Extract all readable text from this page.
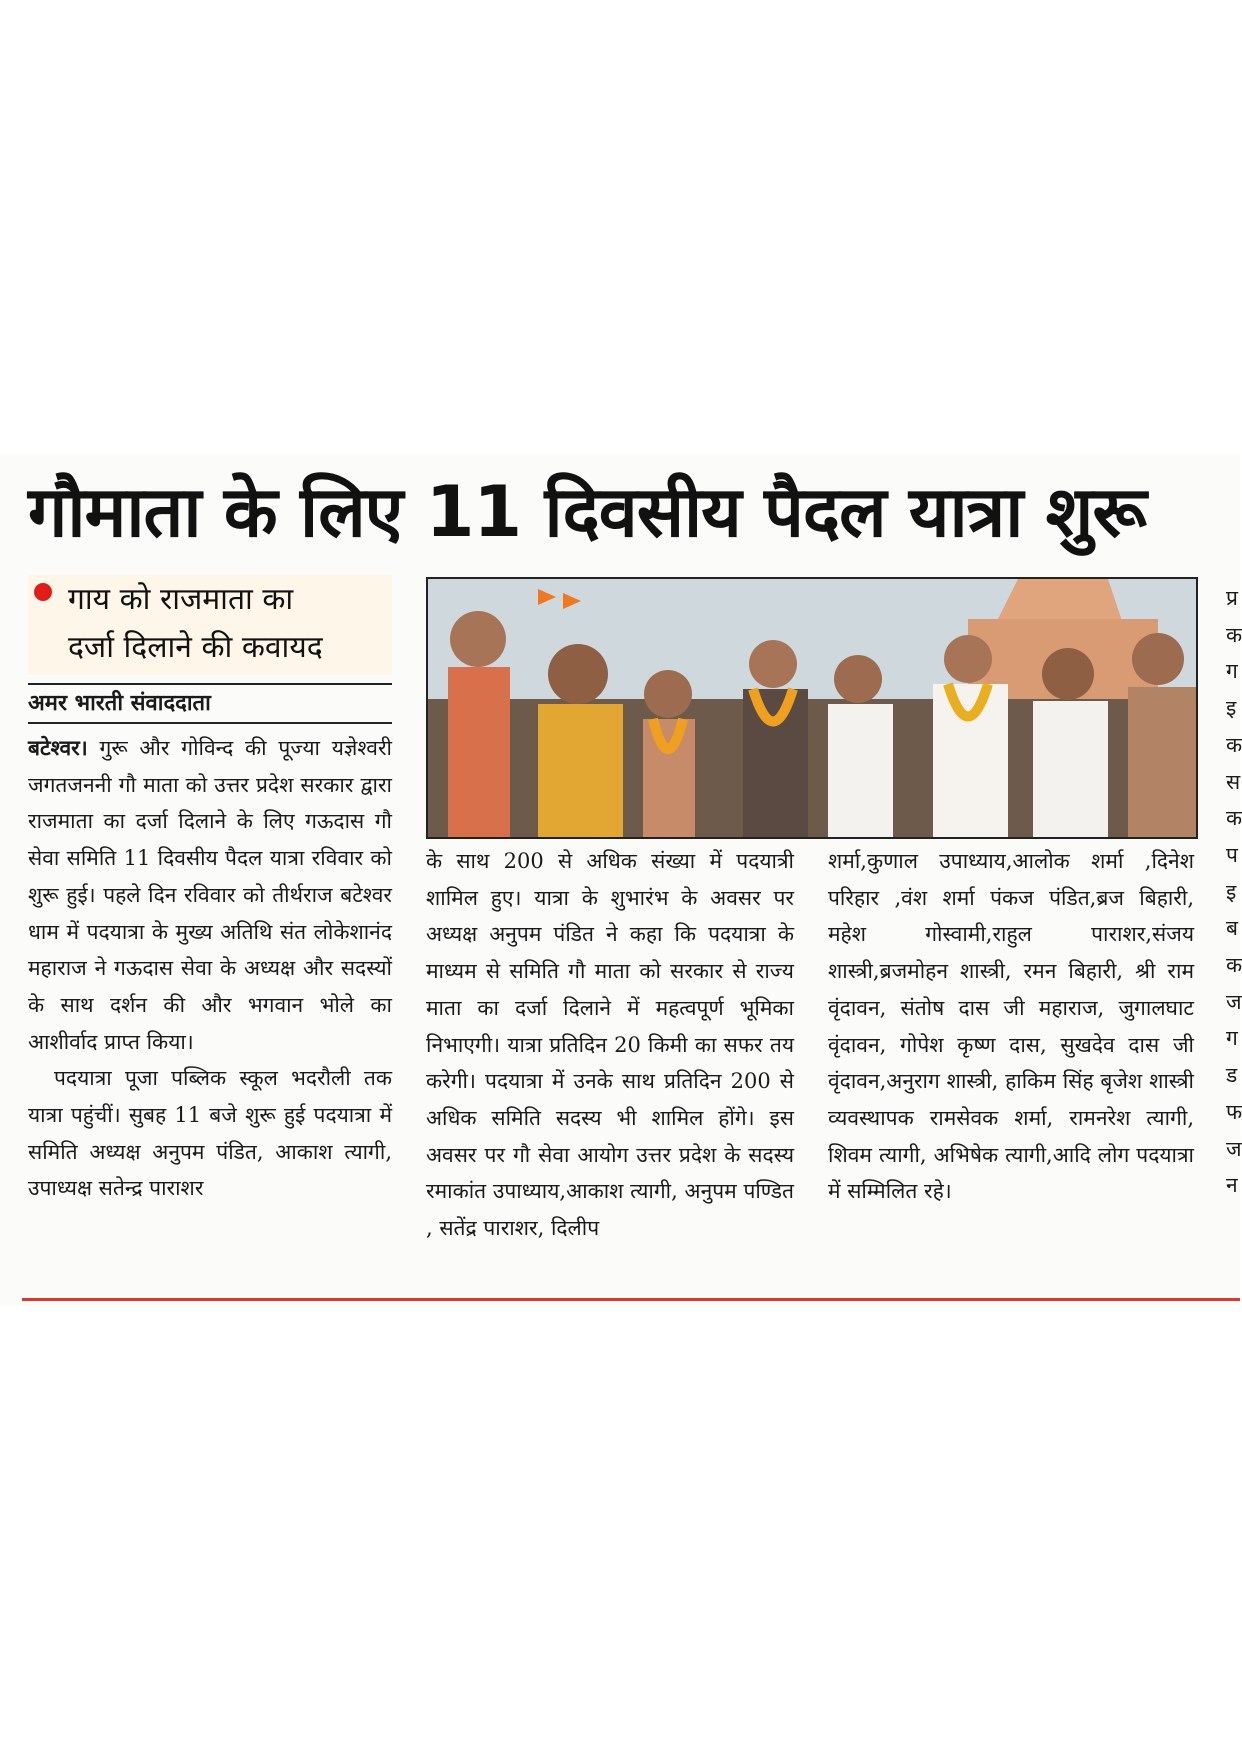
गौमाता के लिए 11 दिवसीय पैदल यात्रा शुरू
गाय को राजमाता का
दर्जा दिलाने की कवायद
अमर भारती संवाददाता

बटेश्वर। गुरू और गोविन्द की पूज्या यज्ञेश्वरी जगतजननी गौ माता को उत्तर प्रदेश सरकार द्वारा राजमाता का दर्जा दिलाने के लिए गऊदास गौ सेवा समिति 11 दिवसीय पैदल यात्रा रविवार को शुरू हुई। पहले दिन रविवार को तीर्थराज बटेश्वर धाम में पदयात्रा के मुख्य अतिथि संत लोकेशानंद महाराज ने गऊदास सेवा के अध्यक्ष और सदस्यों के साथ दर्शन की और भगवान भोले का आशीर्वाद प्राप्त किया।

पदयात्रा पूजा पब्लिक स्कूल भदरौली तक यात्रा पहुंचीं। सुबह 11 बजे शुरू हुई पदयात्रा में समिति अध्यक्ष अनुपम पंडित, आकाश त्यागी, उपाध्यक्ष सतेन्द्र पाराशर

के साथ 200 से अधिक संख्या में पदयात्री शामिल हुए। यात्रा के शुभारंभ के अवसर पर अध्यक्ष अनुपम पंडित ने कहा कि पदयात्रा के माध्यम से समिति गौ माता को सरकार से राज्य माता का दर्जा दिलाने में महत्वपूर्ण भूमिका निभाएगी। यात्रा प्रतिदिन 20 किमी का सफर तय करेगी। पदयात्रा में उनके साथ प्रतिदिन 200 से अधिक समिति सदस्य भी शामिल होंगे। इस अवसर पर गौ सेवा आयोग उत्तर प्रदेश के सदस्य रमाकांत उपाध्याय,आकाश त्यागी, अनुपम पण्डित , सतेंद्र पाराशर, दिलीप

शर्मा,कुणाल उपाध्याय,आलोक शर्मा ,दिनेश परिहार ,वंश शर्मा पंकज पंडित,ब्रज बिहारी, महेश गोस्वामी,राहुल पाराशर,संजय शास्त्री,ब्रजमोहन शास्त्री, रमन बिहारी, श्री राम वृंदावन, संतोष दास जी महाराज, जुगालघाट वृंदावन, गोपेश कृष्ण दास, सुखदेव दास जी वृंदावन,अनुराग शास्त्री, हाकिम सिंह बृजेश शास्त्री व्यवस्थापक रामसेवक शर्मा, रामनरेश त्यागी, शिवम त्यागी, अभिषेक त्यागी,आदि लोग पदयात्रा में सम्मिलित रहे।

प्र क ग इ क स क प इ ब क ज ग ड फ ज न
